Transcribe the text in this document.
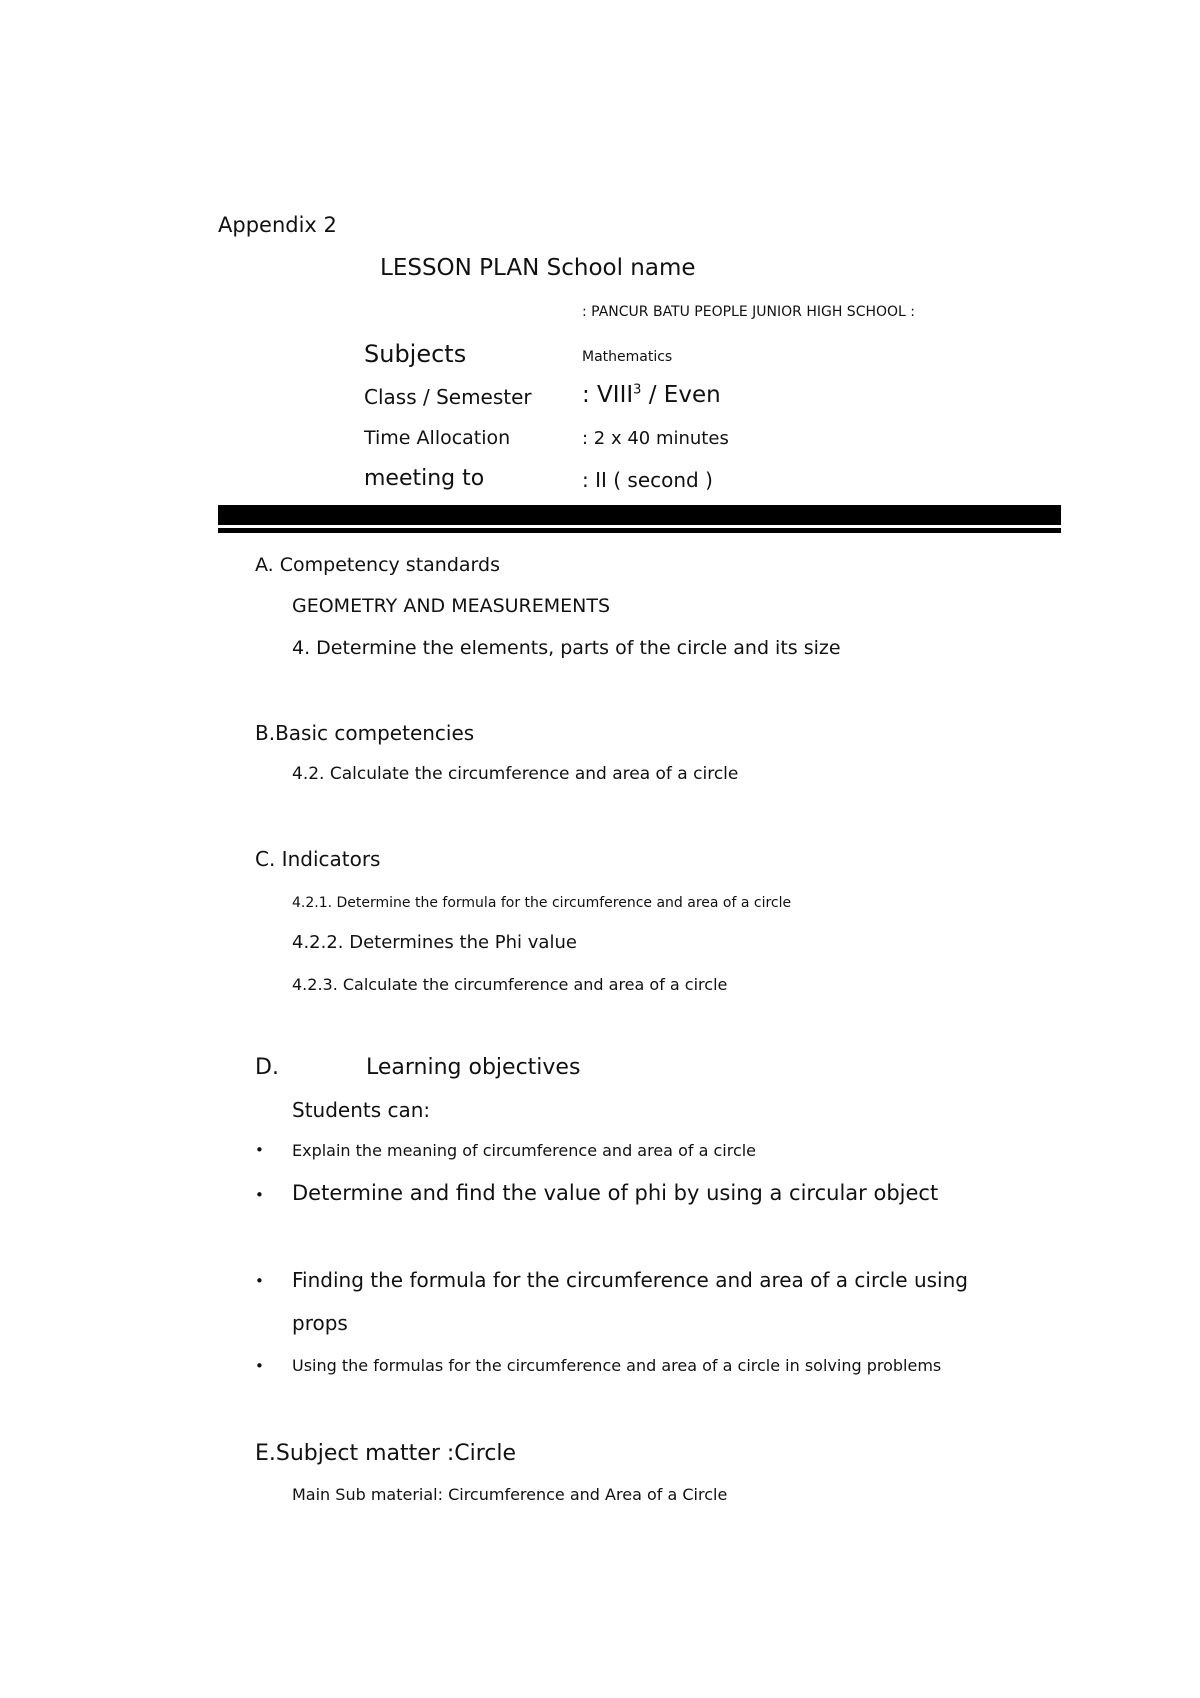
Appendix 2
LESSON PLAN School name
: PANCUR BATU PEOPLE JUNIOR HIGH SCHOOL :
Subjects	Mathematics
Class / Semester : VIII$^3$ / Even
Time Allocation	: 2 x 40 minutes
meeting to	: II ( second )
A. Competency standards
GEOMETRY AND MEASUREMENTS
4. Determine the elements, parts of the circle and its size
B.Basic competencies
4.2. Calculate the circumference and area of a circle
C. Indicators
4.2.1. Determine the formula for the circumference and area of a circle
4.2.2. Determines the Phi value
4.2.3. Calculate the circumference and area of a circle
D.	Learning objectives
Students can:
• Explain the meaning of circumference and area of a circle
• Determine and find the value of phi by using a circular object
• Finding the formula for the circumference and area of a circle using
props
• Using the formulas for the circumference and area of a circle in solving problems
E.Subject matter :Circle
Main Sub material: Circumference and Area of a Circle
